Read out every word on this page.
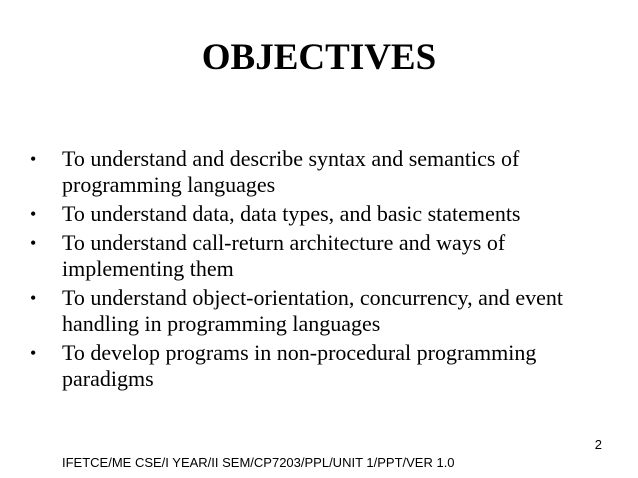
OBJECTIVES
• To understand and describe syntax and semantics of programming languages
• To understand data, data types, and basic statements
• To understand call-return architecture and ways of implementing them
• To understand object-orientation, concurrency, and event handling in programming languages
• To develop programs in non-procedural programming paradigms
2
IFETCE/ME CSE/I YEAR/II SEM/CP7203/PPL/UNIT 1/PPT/VER 1.0
